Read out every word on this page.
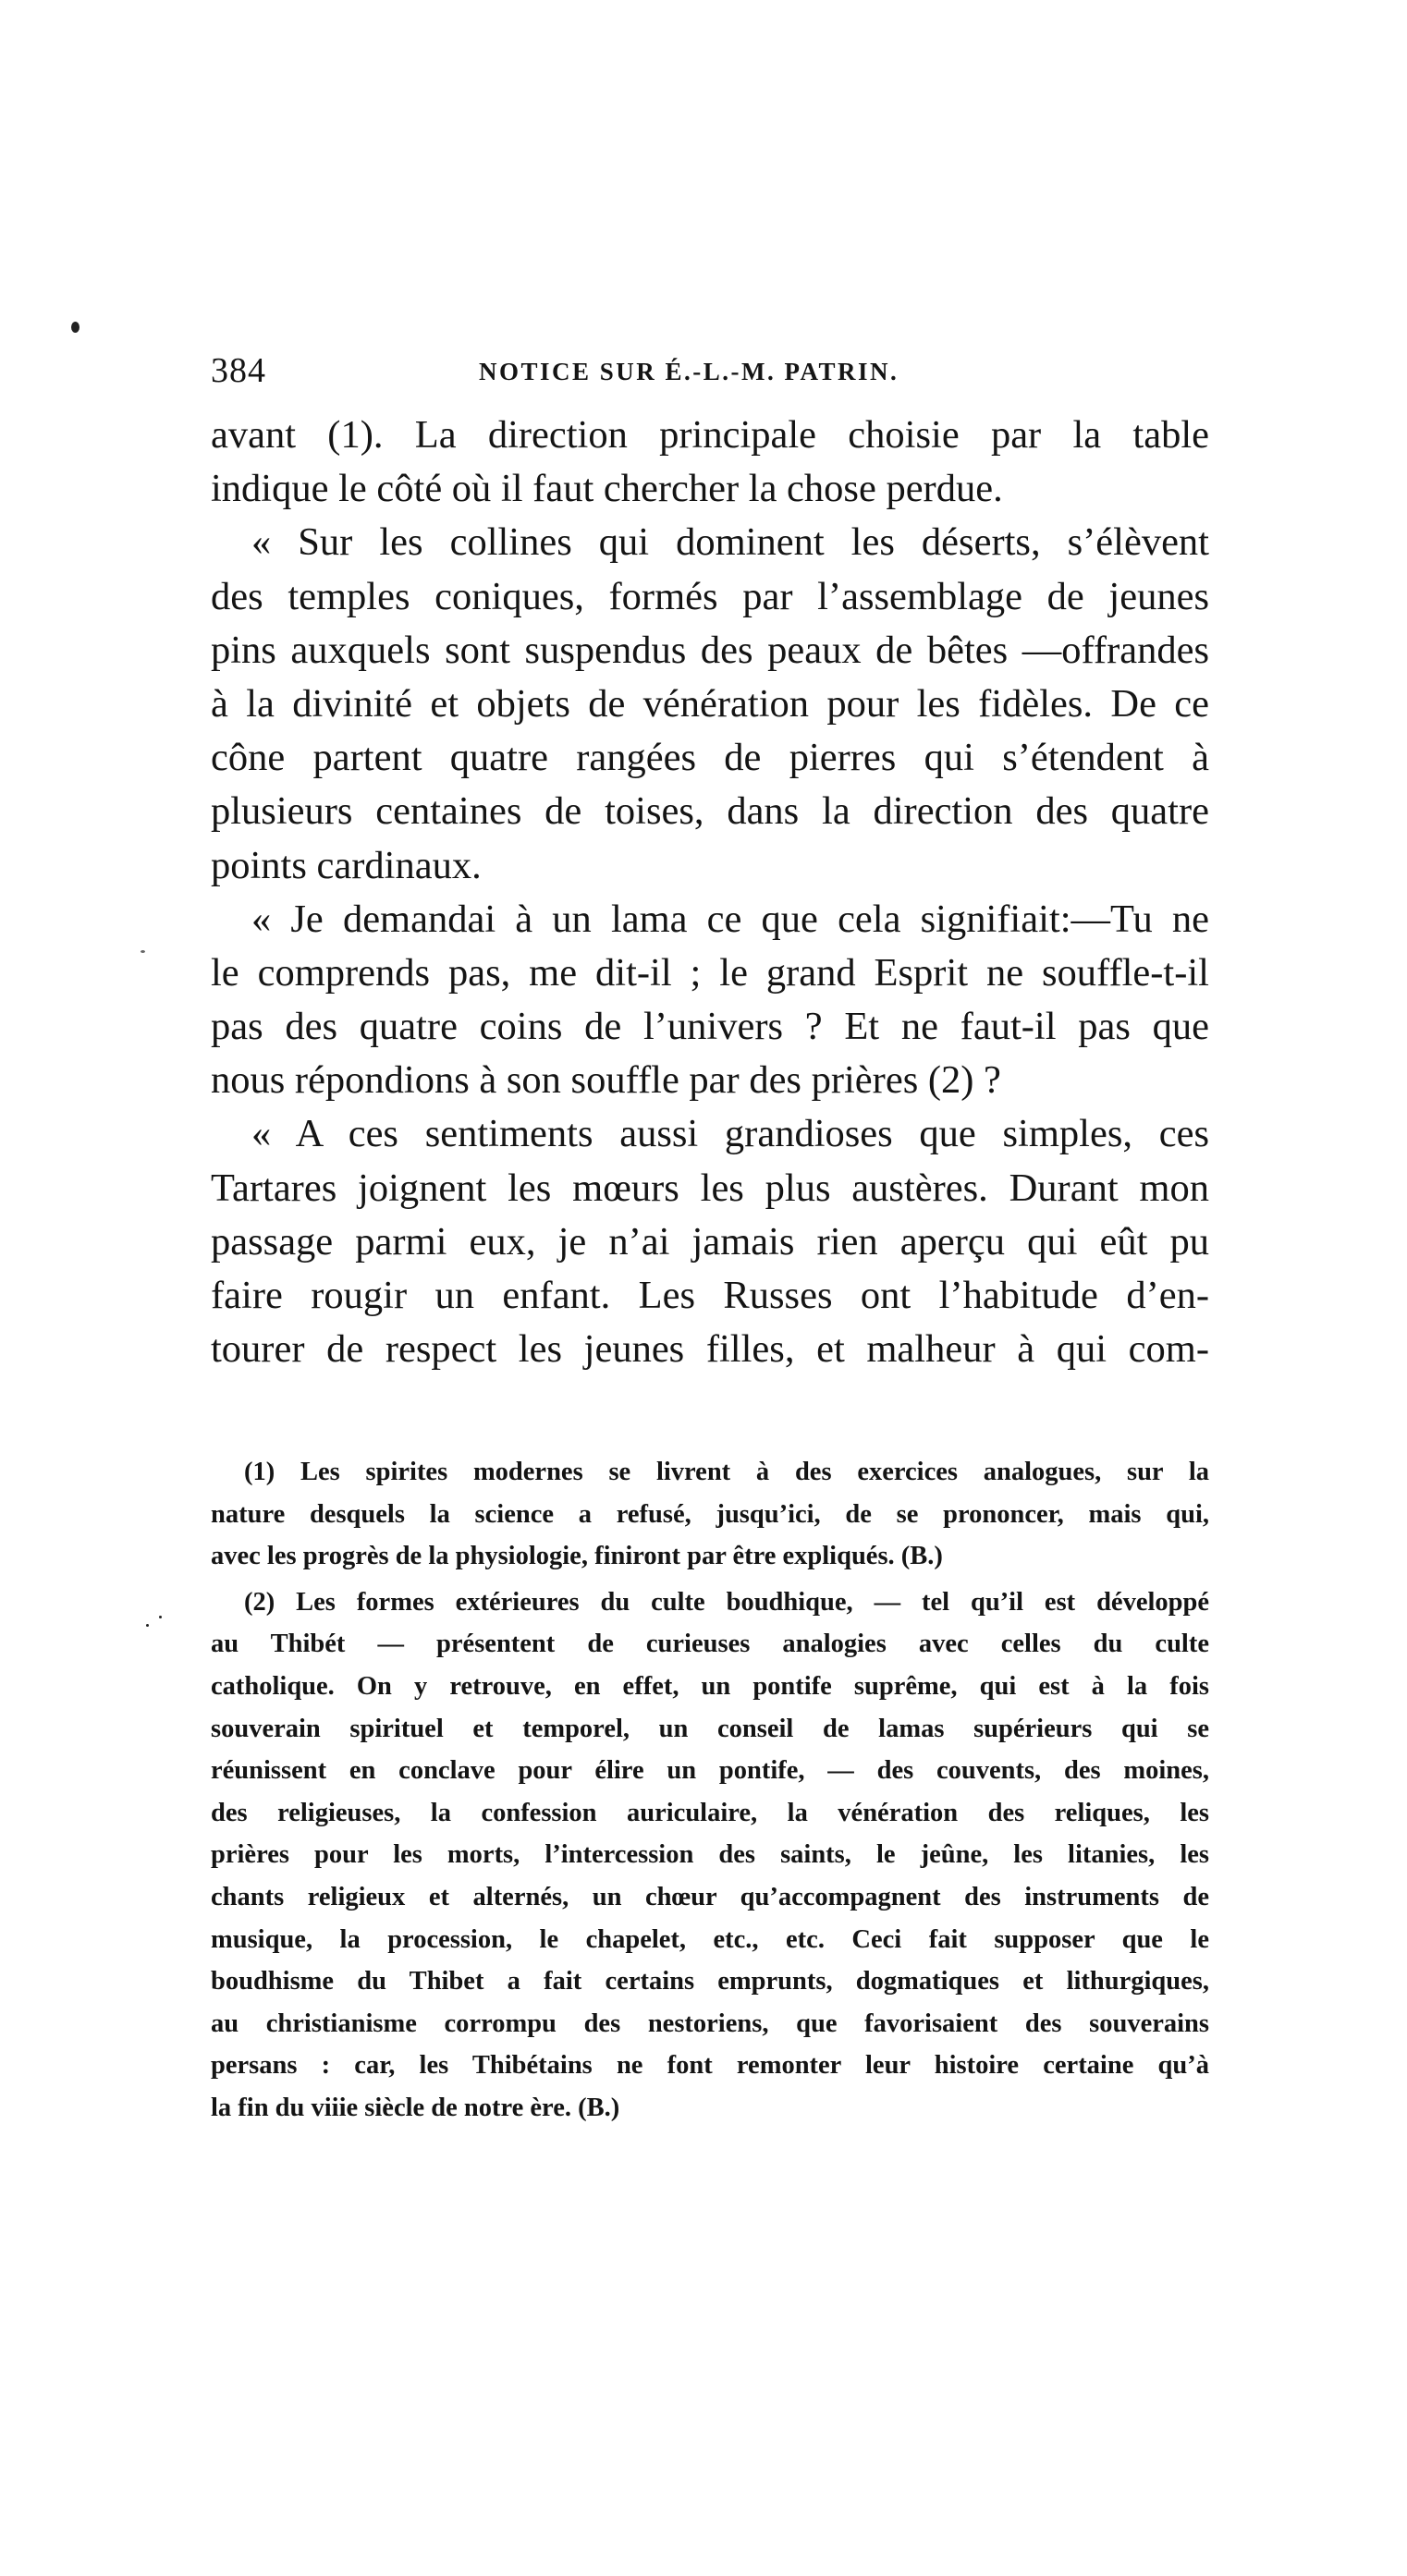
384	NOTICE SUR É.-L.-M. PATRIN.
avant (1). La direction principale choisie par la table
indique le côté où il faut chercher la chose perdue.
« Sur les collines qui dominent les déserts, s’élèvent
des temples coniques, formés par l’assemblage de jeunes
pins auxquels sont suspendus des peaux de bêtes —offrandes
à la divinité et objets de vénération pour les fidèles. De ce
cône partent quatre rangées de pierres qui s’étendent à
plusieurs centaines de toises, dans la direction des quatre
points cardinaux.
« Je demandai à un lama ce que cela signifiait:—Tu ne
le comprends pas, me dit-il ; le grand Esprit ne souffle-t-il
pas des quatre coins de l’univers ? Et ne faut-il pas que
nous répondions à son souffle par des prières (2) ?
« A ces sentiments aussi grandioses que simples, ces
Tartares joignent les mœurs les plus austères. Durant mon
passage parmi eux, je n’ai jamais rien aperçu qui eût pu
faire rougir un enfant. Les Russes ont l’habitude d’en-
tourer de respect les jeunes filles, et malheur à qui com-
(1) Les spirites modernes se livrent à des exercices analogues, sur la
nature desquels la science a refusé, jusqu’ici, de se prononcer, mais qui,
avec les progrès de la physiologie, finiront par être expliqués. (B.)
(2) Les formes extérieures du culte boudhique, — tel qu’il est développé
au Thibét — présentent de curieuses analogies avec celles du culte
catholique. On y retrouve, en effet, un pontife suprême, qui est à la fois
souverain spirituel et temporel, un conseil de lamas supérieurs qui se
réunissent en conclave pour élire un pontife, — des couvents, des moines,
des religieuses, la confession auriculaire, la vénération des reliques, les
prières pour les morts, l’intercession des saints, le jeûne, les litanies, les
chants religieux et alternés, un chœur qu’accompagnent des instruments de
musique, la procession, le chapelet, etc., etc. Ceci fait supposer que le
boudhisme du Thibet a fait certains emprunts, dogmatiques et lithurgiques,
au christianisme corrompu des nestoriens, que favorisaient des souverains
persans : car, les Thibétains ne font remonter leur histoire certaine qu’à
la fin du viiie siècle de notre ère. (B.)
